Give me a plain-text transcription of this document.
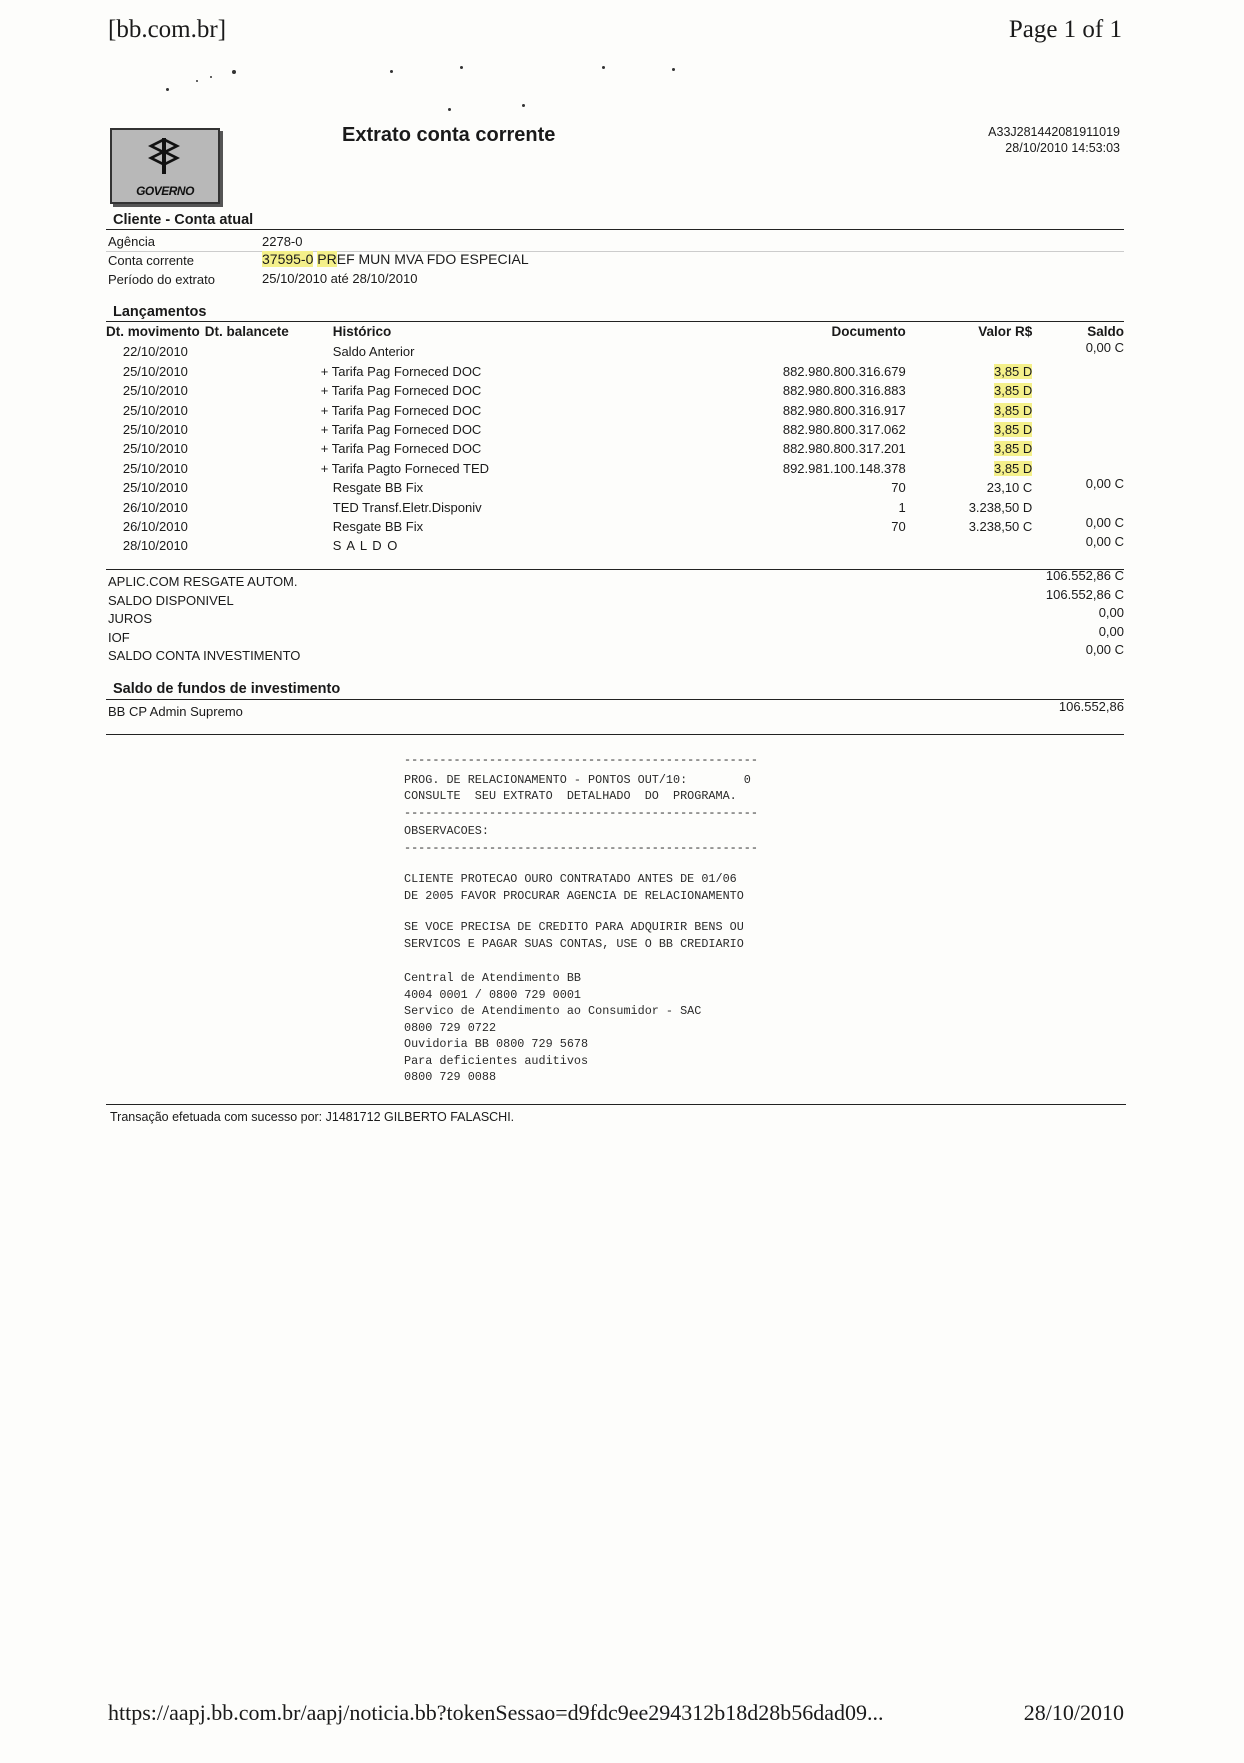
[bb.com.br]	Page 1 of 1
GOVERNO
Extrato conta corrente	A33J281442081911019
28/10/2010 14:53:03
Cliente - Conta atual
Agência	2278-0
Conta corrente	37595-0 PREF MUN MVA FDO ESPECIAL
Período do extrato	25/10/2010 até 28/10/2010
Lançamentos
Dt. movimento	Dt. balancete	Histórico	Documento	Valor R$	Saldo
22/10/2010		Saldo Anterior			0,00 C
25/10/2010		+ Tarifa Pag Forneced DOC	882.980.800.316.679	3,85 D	
25/10/2010		+ Tarifa Pag Forneced DOC	882.980.800.316.883	3,85 D	
25/10/2010		+ Tarifa Pag Forneced DOC	882.980.800.316.917	3,85 D	
25/10/2010		+ Tarifa Pag Forneced DOC	882.980.800.317.062	3,85 D	
25/10/2010		+ Tarifa Pag Forneced DOC	882.980.800.317.201	3,85 D	
25/10/2010		+ Tarifa Pagto Forneced TED	892.981.100.148.378	3,85 D	
25/10/2010		Resgate BB Fix	70	23,10 C	0,00 C
26/10/2010		TED Transf.Eletr.Disponiv	1	3.238,50 D	
26/10/2010		Resgate BB Fix	70	3.238,50 C	0,00 C
28/10/2010		S A L D O			0,00 C
APLIC.COM RESGATE AUTOM.	106.552,86 C
SALDO DISPONIVEL	106.552,86 C
JUROS	0,00
IOF	0,00
SALDO CONTA INVESTIMENTO	0,00 C
Saldo de fundos de investimento
BB CP Admin Supremo	106.552,86
--------------------------------------------------
PROG. DE RELACIONAMENTO - PONTOS OUT/10:        0
CONSULTE  SEU EXTRATO  DETALHADO  DO  PROGRAMA.
--------------------------------------------------
OBSERVACOES:
--------------------------------------------------
CLIENTE PROTECAO OURO CONTRATADO ANTES DE 01/06
DE 2005 FAVOR PROCURAR AGENCIA DE RELACIONAMENTO
SE VOCE PRECISA DE CREDITO PARA ADQUIRIR BENS OU
SERVICOS E PAGAR SUAS CONTAS, USE O BB CREDIARIO
Central de Atendimento BB
4004 0001 / 0800 729 0001
Servico de Atendimento ao Consumidor - SAC
0800 729 0722
Ouvidoria BB 0800 729 5678
Para deficientes auditivos
0800 729 0088
Transação efetuada com sucesso por: J1481712 GILBERTO FALASCHI.
https://aapj.bb.com.br/aapj/noticia.bb?tokenSessao=d9fdc9ee294312b18d28b56dad09...	28/10/2010
